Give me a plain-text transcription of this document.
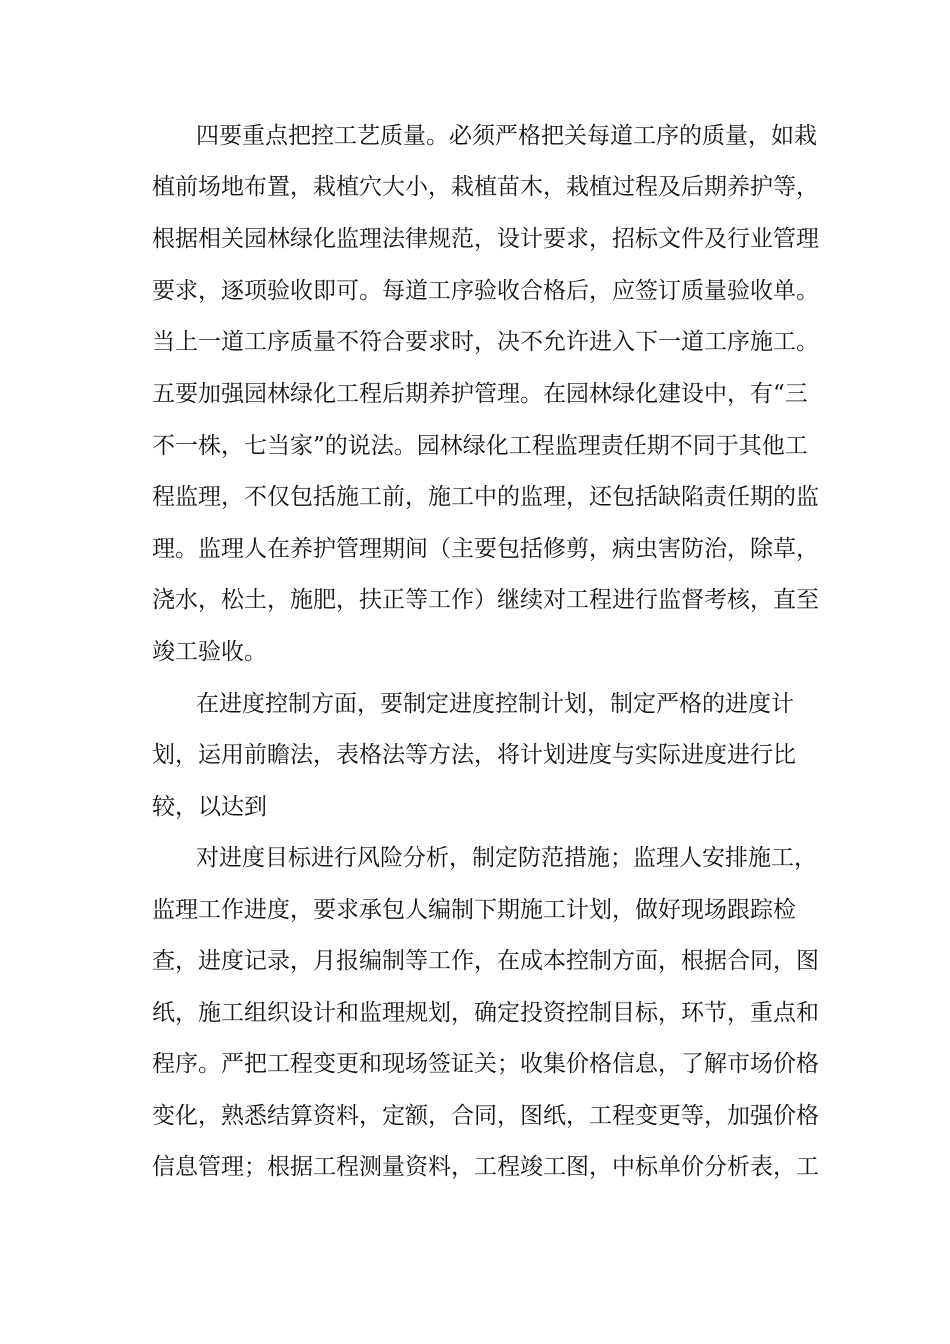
四要重点把控工艺质量。必须严格把关每道工序的质量，如栽
植前场地布置，栽植穴大小，栽植苗木，栽植过程及后期养护等，
根据相关园林绿化监理法律规范，设计要求，招标文件及行业管理
要求，逐项验收即可。每道工序验收合格后，应签订质量验收单。
当上一道工序质量不符合要求时，决不允许进入下一道工序施工。
五要加强园林绿化工程后期养护管理。在园林绿化建设中，有“三
不一株，七当家”的说法。园林绿化工程监理责任期不同于其他工
程监理，不仅包括施工前，施工中的监理，还包括缺陷责任期的监
理。监理人在养护管理期间（主要包括修剪，病虫害防治，除草，
浇水，松土，施肥，扶正等工作）继续对工程进行监督考核，直至
竣工验收。
在进度控制方面，要制定进度控制计划，制定严格的进度计
划，运用前瞻法，表格法等方法，将计划进度与实际进度进行比
较，以达到
对进度目标进行风险分析，制定防范措施；监理人安排施工，
监理工作进度，要求承包人编制下期施工计划，做好现场跟踪检
查，进度记录，月报编制等工作，在成本控制方面，根据合同，图
纸，施工组织设计和监理规划，确定投资控制目标，环节，重点和
程序。严把工程变更和现场签证关；收集价格信息，了解市场价格
变化，熟悉结算资料，定额，合同，图纸，工程变更等，加强价格
信息管理；根据工程测量资料，工程竣工图，中标单价分析表，工
